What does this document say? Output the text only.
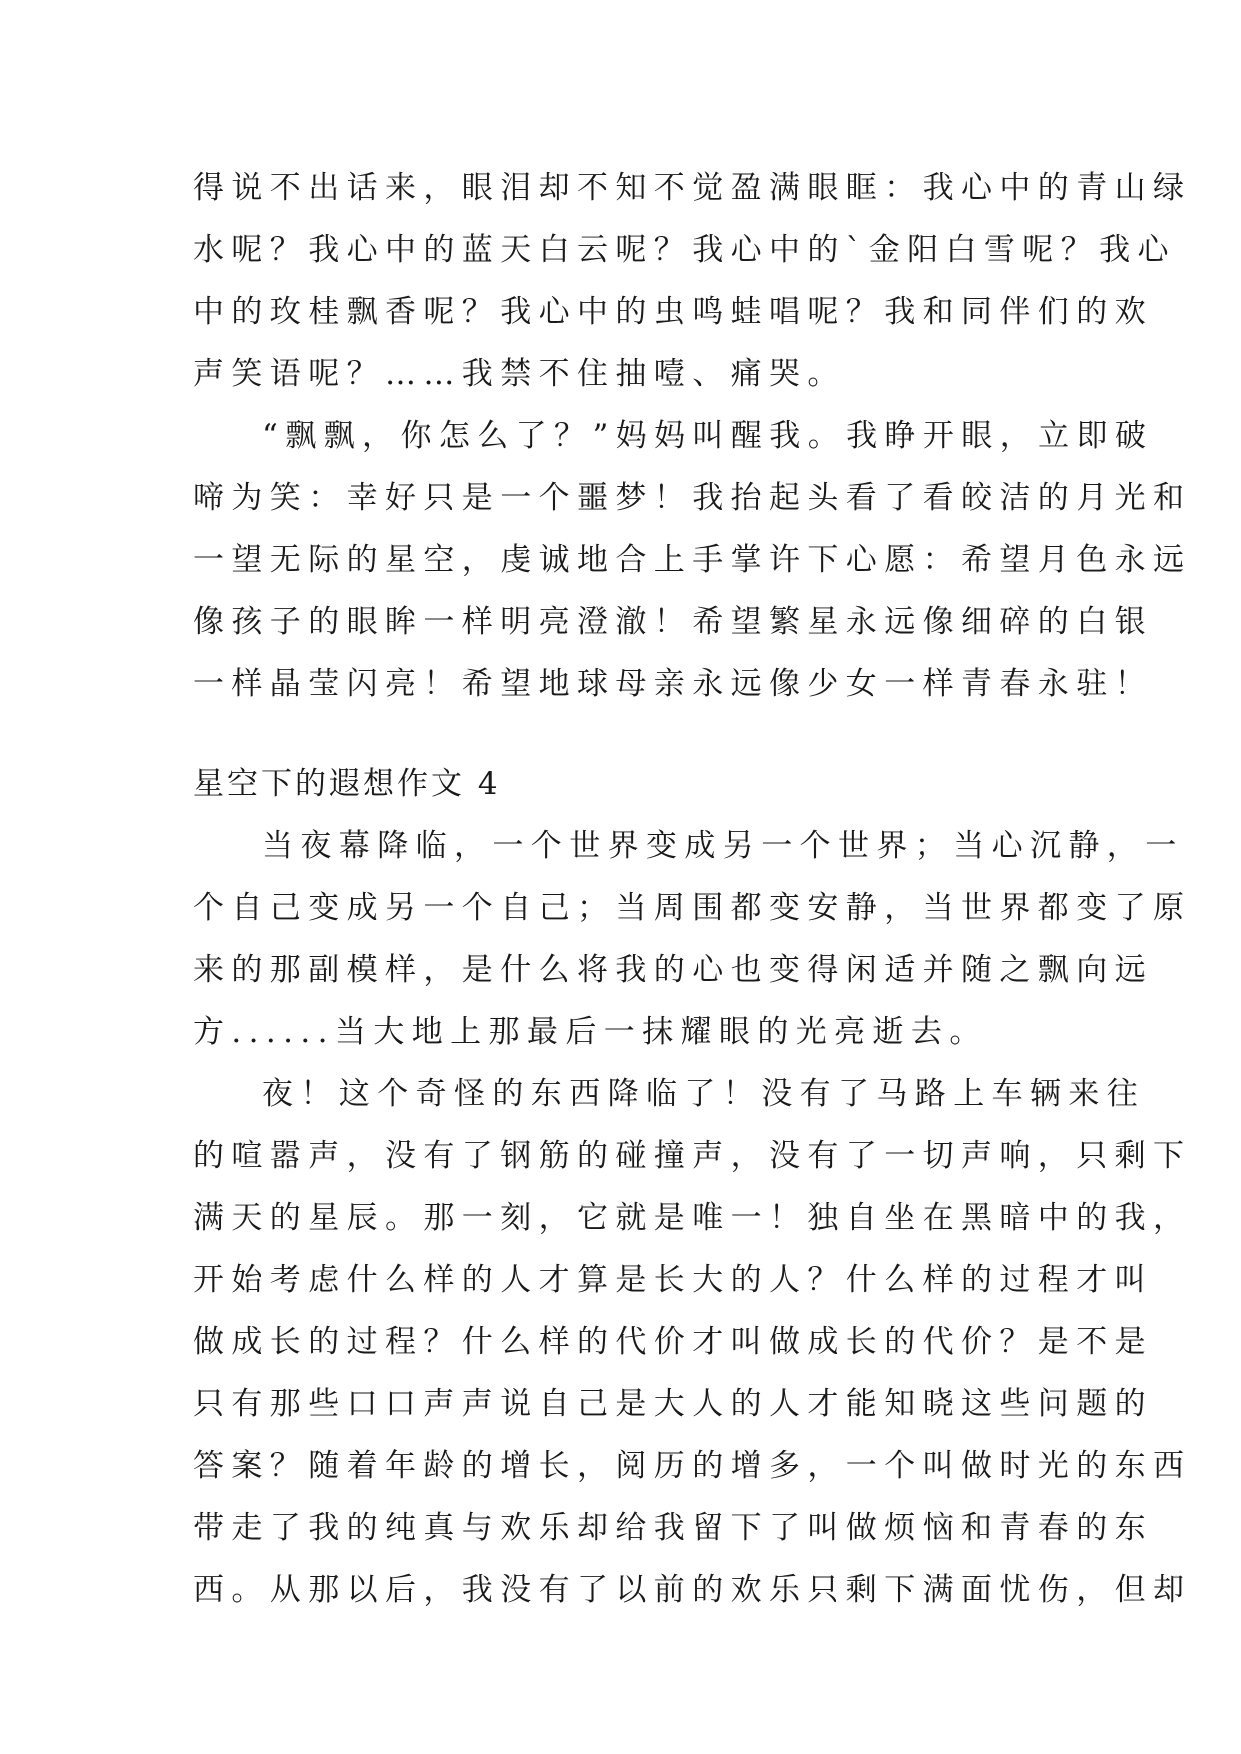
得说不出话来，眼泪却不知不觉盈满眼眶：我心中的青山绿
水呢？我心中的蓝天白云呢？我心中的`金阳白雪呢？我心
中的玫桂飘香呢？我心中的虫鸣蛙唱呢？我和同伴们的欢
声笑语呢？……我禁不住抽噎、痛哭。
“飘飘，你怎么了？”妈妈叫醒我。我睁开眼，立即破
啼为笑：幸好只是一个噩梦！我抬起头看了看皎洁的月光和
一望无际的星空，虔诚地合上手掌许下心愿：希望月色永远
像孩子的眼眸一样明亮澄澈！希望繁星永远像细碎的白银
一样晶莹闪亮！希望地球母亲永远像少女一样青春永驻！
星空下的遐想作文 4
当夜幕降临，一个世界变成另一个世界；当心沉静，一
个自己变成另一个自己；当周围都变安静，当世界都变了原
来的那副模样，是什么将我的心也变得闲适并随之飘向远
方......当大地上那最后一抹耀眼的光亮逝去。
夜！这个奇怪的东西降临了！没有了马路上车辆来往
的喧嚣声，没有了钢筋的碰撞声，没有了一切声响，只剩下
满天的星辰。那一刻，它就是唯一！独自坐在黑暗中的我，
开始考虑什么样的人才算是长大的人？什么样的过程才叫
做成长的过程？什么样的代价才叫做成长的代价？是不是
只有那些口口声声说自己是大人的人才能知晓这些问题的
答案？随着年龄的增长，阅历的增多，一个叫做时光的东西
带走了我的纯真与欢乐却给我留下了叫做烦恼和青春的东
西。从那以后，我没有了以前的欢乐只剩下满面忧伤，但却
